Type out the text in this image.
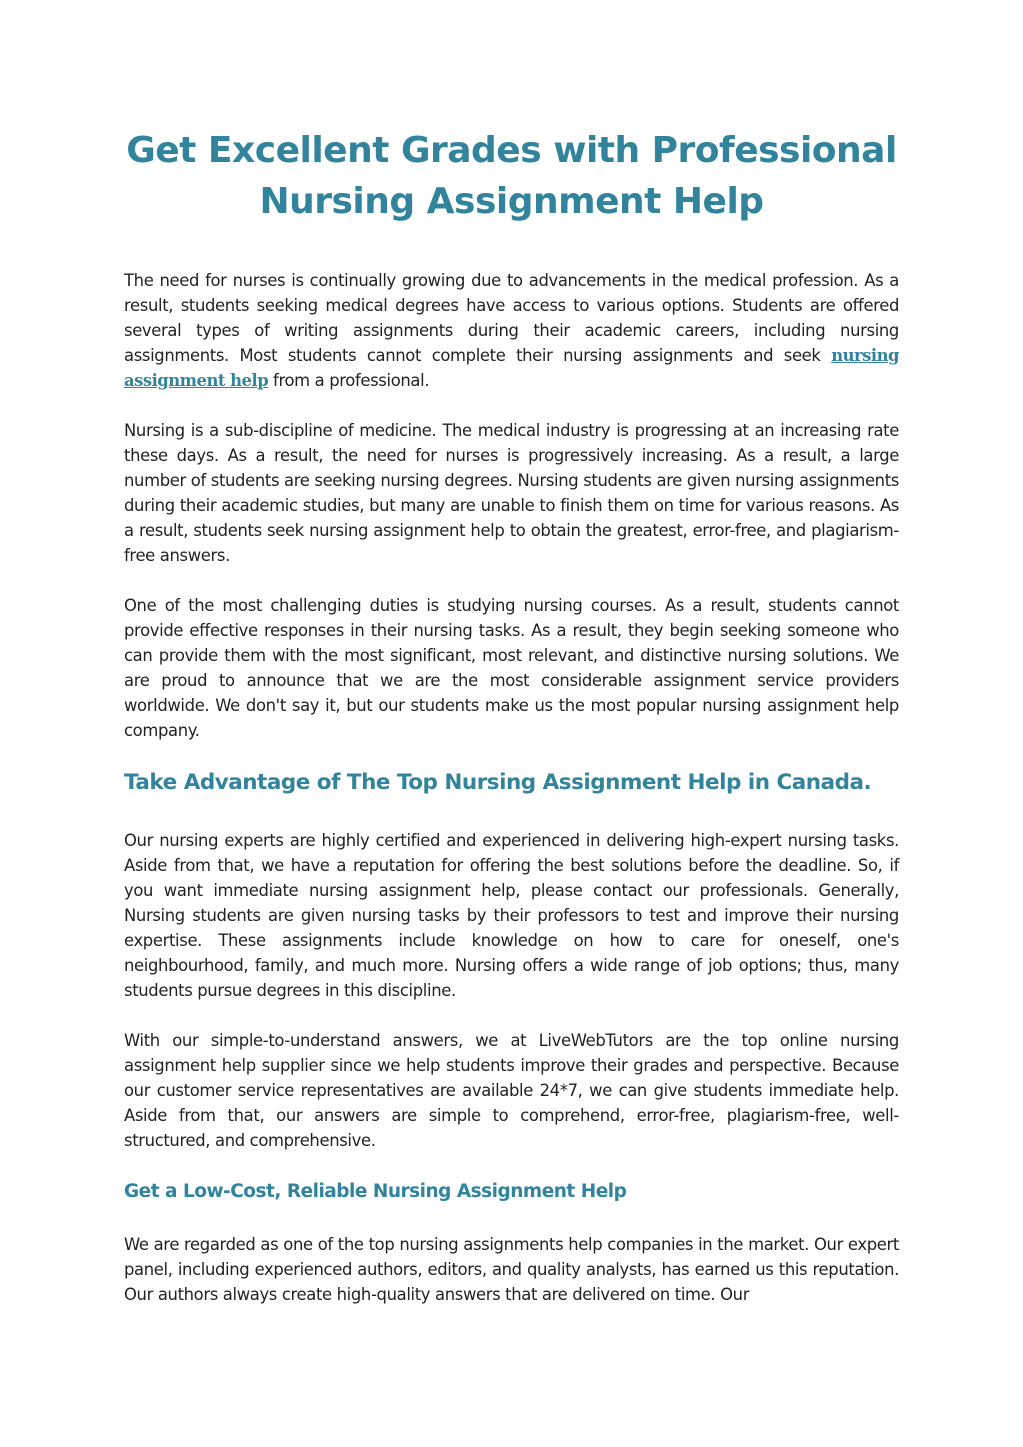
Get Excellent Grades with Professional Nursing Assignment Help

The need for nurses is continually growing due to advancements in the medical profession. As a result, students seeking medical degrees have access to various options. Students are offered several types of writing assignments during their academic careers, including nursing assignments. Most students cannot complete their nursing assignments and seek nursing assignment help from a professional.

Nursing is a sub-discipline of medicine. The medical industry is progressing at an increasing rate these days. As a result, the need for nurses is progressively increasing. As a result, a large number of students are seeking nursing degrees. Nursing students are given nursing assignments during their academic studies, but many are unable to finish them on time for various reasons. As a result, students seek nursing assignment help to obtain the greatest, error-free, and plagiarism-free answers.

One of the most challenging duties is studying nursing courses. As a result, students cannot provide effective responses in their nursing tasks. As a result, they begin seeking someone who can provide them with the most significant, most relevant, and distinctive nursing solutions. We are proud to announce that we are the most considerable assignment service providers worldwide. We don't say it, but our students make us the most popular nursing assignment help company.

Take Advantage of The Top Nursing Assignment Help in Canada.

Our nursing experts are highly certified and experienced in delivering high-expert nursing tasks. Aside from that, we have a reputation for offering the best solutions before the deadline. So, if you want immediate nursing assignment help, please contact our professionals. Generally, Nursing students are given nursing tasks by their professors to test and improve their nursing expertise. These assignments include knowledge on how to care for oneself, one's neighbourhood, family, and much more. Nursing offers a wide range of job options; thus, many students pursue degrees in this discipline.

With our simple-to-understand answers, we at LiveWebTutors are the top online nursing assignment help supplier since we help students improve their grades and perspective. Because our customer service representatives are available 24*7, we can give students immediate help. Aside from that, our answers are simple to comprehend, error-free, plagiarism-free, well-structured, and comprehensive.

Get a Low-Cost, Reliable Nursing Assignment Help

We are regarded as one of the top nursing assignments help companies in the market. Our expert panel, including experienced authors, editors, and quality analysts, has earned us this reputation. Our authors always create high-quality answers that are delivered on time. Our
